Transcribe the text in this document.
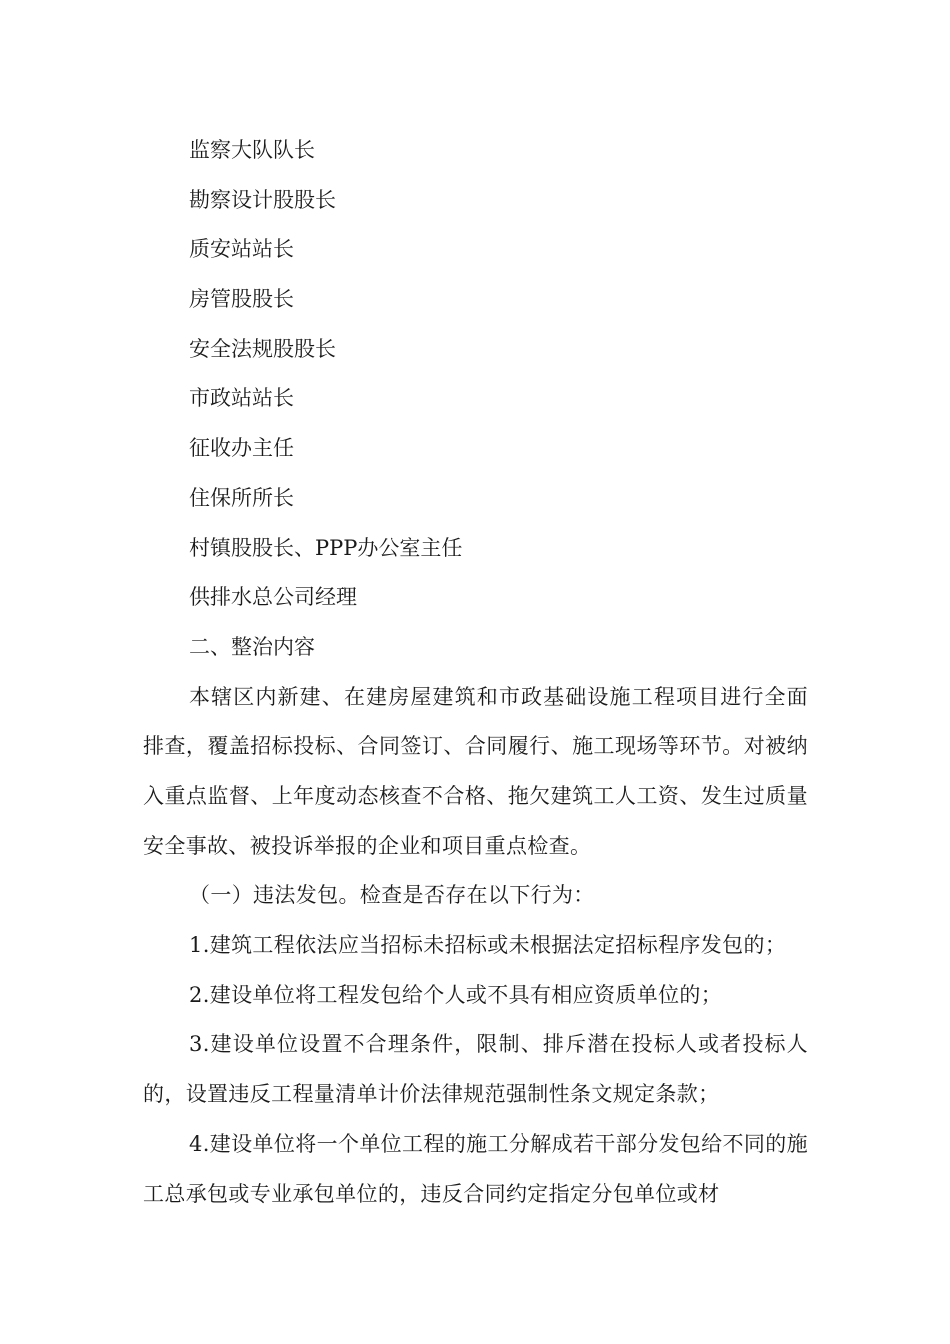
监察大队队长
勘察设计股股长
质安站站长
房管股股长
安全法规股股长
市政站站长
征收办主任
住保所所长
村镇股股长、PPP办公室主任
供排水总公司经理
二、整治内容
本辖区内新建、在建房屋建筑和市政基础设施工程项目进行全面排查，覆盖招标投标、合同签订、合同履行、施工现场等环节。对被纳入重点监督、上年度动态核查不合格、拖欠建筑工人工资、发生过质量安全事故、被投诉举报的企业和项目重点检查。
（一）违法发包。检查是否存在以下行为：
1.建筑工程依法应当招标未招标或未根据法定招标程序发包的；
2.建设单位将工程发包给个人或不具有相应资质单位的；
3.建设单位设置不合理条件，限制、排斥潜在投标人或者投标人的，设置违反工程量清单计价法律规范强制性条文规定条款；
4.建设单位将一个单位工程的施工分解成若干部分发包给不同的施工总承包或专业承包单位的，违反合同约定指定分包单位或材
